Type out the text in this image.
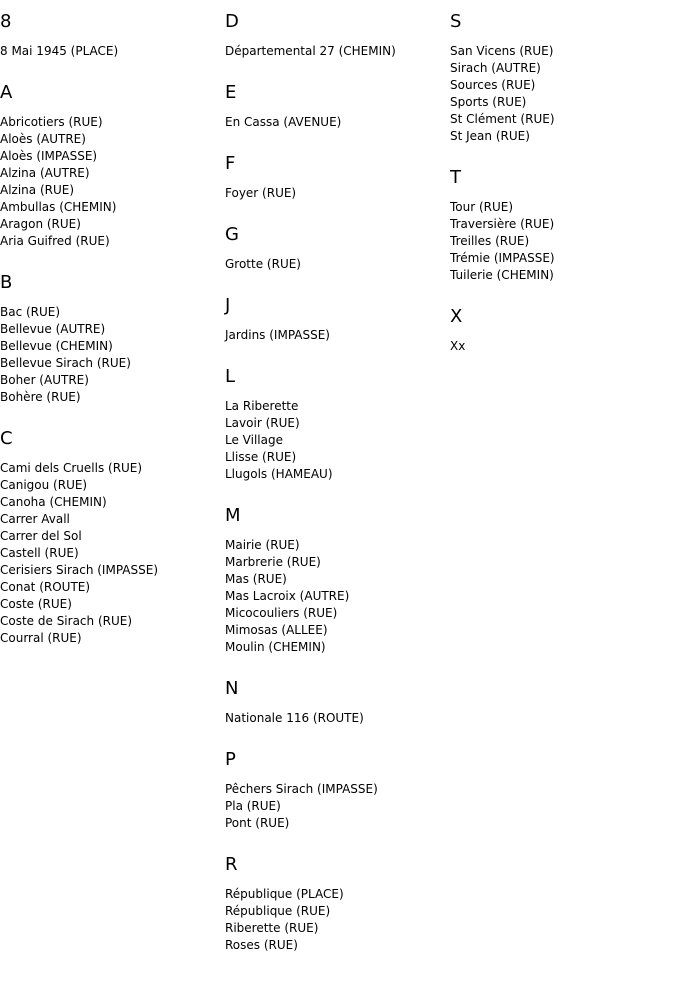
8
8 Mai 1945 (PLACE)
A
Abricotiers (RUE)
Aloès (AUTRE)
Aloès (IMPASSE)
Alzina (AUTRE)
Alzina (RUE)
Ambullas (CHEMIN)
Aragon (RUE)
Aria Guifred (RUE)
B
Bac (RUE)
Bellevue (AUTRE)
Bellevue (CHEMIN)
Bellevue Sirach (RUE)
Boher (AUTRE)
Bohère (RUE)
C
Cami dels Cruells (RUE)
Canigou (RUE)
Canoha (CHEMIN)
Carrer Avall
Carrer del Sol
Castell (RUE)
Cerisiers Sirach (IMPASSE)
Conat (ROUTE)
Coste (RUE)
Coste de Sirach (RUE)
Courral (RUE)
D
Départemental 27 (CHEMIN)
E
En Cassa (AVENUE)
F
Foyer (RUE)
G
Grotte (RUE)
J
Jardins (IMPASSE)
L
La Riberette
Lavoir (RUE)
Le Village
Llisse (RUE)
Llugols (HAMEAU)
M
Mairie (RUE)
Marbrerie (RUE)
Mas (RUE)
Mas Lacroix (AUTRE)
Micocouliers (RUE)
Mimosas (ALLEE)
Moulin (CHEMIN)
N
Nationale 116 (ROUTE)
P
Pêchers Sirach (IMPASSE)
Pla (RUE)
Pont (RUE)
R
République (PLACE)
République (RUE)
Riberette (RUE)
Roses (RUE)
S
San Vicens (RUE)
Sirach (AUTRE)
Sources (RUE)
Sports (RUE)
St Clément (RUE)
St Jean (RUE)
T
Tour (RUE)
Traversière (RUE)
Treilles (RUE)
Trémie (IMPASSE)
Tuilerie (CHEMIN)
X
Xx
